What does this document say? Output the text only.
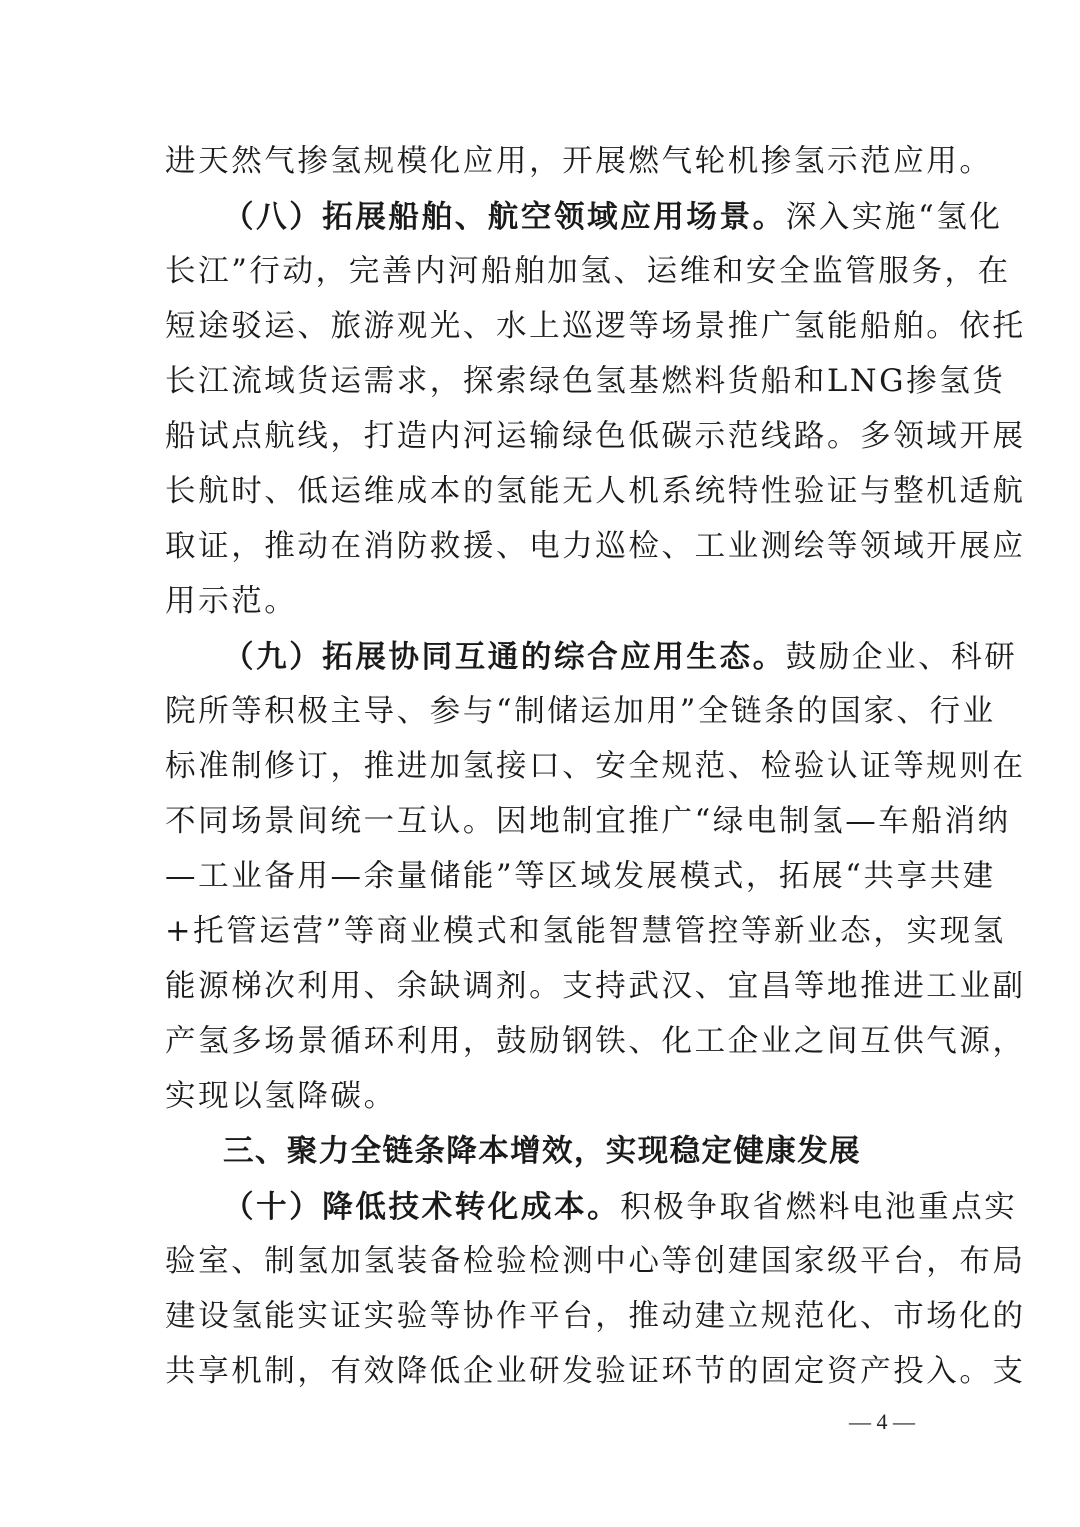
进天然气掺氢规模化应用，开展燃气轮机掺氢示范应用。
（八）拓展船舶、航空领域应用场景。深入实施“氢化
长江”行动，完善内河船舶加氢、运维和安全监管服务，在
短途驳运、旅游观光、水上巡逻等场景推广氢能船舶。依托
长江流域货运需求，探索绿色氢基燃料货船和LNG掺氢货
船试点航线，打造内河运输绿色低碳示范线路。多领域开展
长航时、低运维成本的氢能无人机系统特性验证与整机适航
取证，推动在消防救援、电力巡检、工业测绘等领域开展应
用示范。
（九）拓展协同互通的综合应用生态。鼓励企业、科研
院所等积极主导、参与“制储运加用”全链条的国家、行业
标准制修订，推进加氢接口、安全规范、检验认证等规则在
不同场景间统一互认。因地制宜推广“绿电制氢—车船消纳
—工业备用—余量储能”等区域发展模式，拓展“共享共建
+托管运营”等商业模式和氢能智慧管控等新业态，实现氢
能源梯次利用、余缺调剂。支持武汉、宜昌等地推进工业副
产氢多场景循环利用，鼓励钢铁、化工企业之间互供气源，
实现以氢降碳。
三、聚力全链条降本增效，实现稳定健康发展
（十）降低技术转化成本。积极争取省燃料电池重点实
验室、制氢加氢装备检验检测中心等创建国家级平台，布局
建设氢能实证实验等协作平台，推动建立规范化、市场化的
共享机制，有效降低企业研发验证环节的固定资产投入。支
— 4 —
